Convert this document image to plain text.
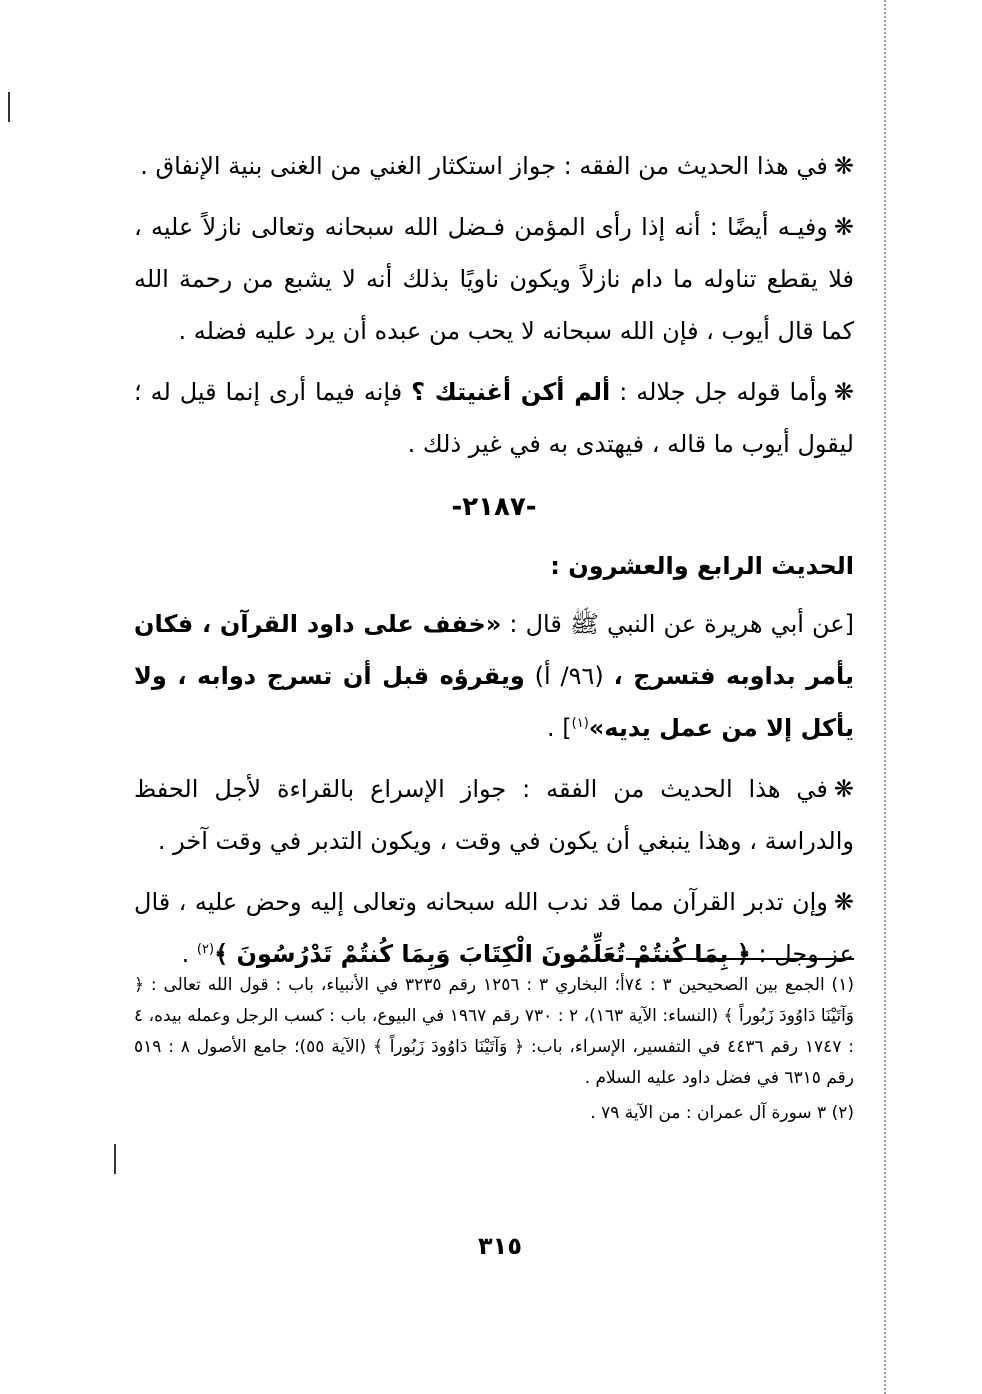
❋في هذا الحديث من الفقه : جواز استكثار الغني من الغنى بنية الإنفاق .

❋وفيـه أيضًا : أنه إذا رأى المؤمن فـضل الله سبحانه وتعالى نازلاً عليه ، فلا يقطع تناوله ما دام نازلاً ويكون ناويًا بذلك أنه لا يشبع من رحمة الله كما قال أيوب ، فإن الله سبحانه لا يحب من عبده أن يرد عليه فضله .

❋وأما قوله جل جلاله : ألم أكن أغنيتك ؟ فإنه فيما أرى إنما قيل له ؛ ليقول أيوب ما قاله ، فيهتدى به في غير ذلك .

-٢١٨٧-
الحديث الرابع والعشرون :

[عن أبي هريرة عن النبي ﷺ قال : «خفف على داود القرآن ، فكان يأمر بداوبه فتسرج ، (٩٦/ أ) ويقرؤه قبل أن تسرج دوابه ، ولا يأكل إلا من عمل يديه»$^{(١)}$] .

❋في هذا الحديث من الفقه : جواز الإسراع بالقراءة لأجل الحفظ والدراسة ، وهذا ينبغي أن يكون في وقت ، ويكون التدبر في وقت آخر .

❋وإن تدبر القرآن مما قد ندب الله سبحانه وتعالى إليه وحض عليه ، قال عز وجل : ﴿ بِمَا كُنتُمْ تُعَلِّمُونَ الْكِتَابَ وَبِمَا كُنتُمْ تَدْرُسُونَ ﴾$^{(٢)}$ .

(١) الجمع بين الصحيحين ٣ : ٧٤أ؛ البخاري ٣ : ١٢٥٦ رقم ٣٢٣٥ في الأنبياء، باب : قول الله تعالى : ﴿ وَآتَيْنَا دَاوُودَ زَبُوراً ﴾ (النساء: الآية ١٦٣)، ٢ : ٧٣٠ رقم ١٩٦٧ في البيوع، باب : كسب الرجل وعمله بيده، ٤ : ١٧٤٧ رقم ٤٤٣٦ في التفسير، الإسراء، باب: ﴿ وَآتَيْنَا دَاوُودَ زَبُوراً ﴾ (الآية ٥٥)؛ جامع الأصول ٨ : ٥١٩ رقم ٦٣١٥ في فضل داود عليه السلام .

(٢) ٣ سورة آل عمران : من الآية ٧٩ .

٣١٥
